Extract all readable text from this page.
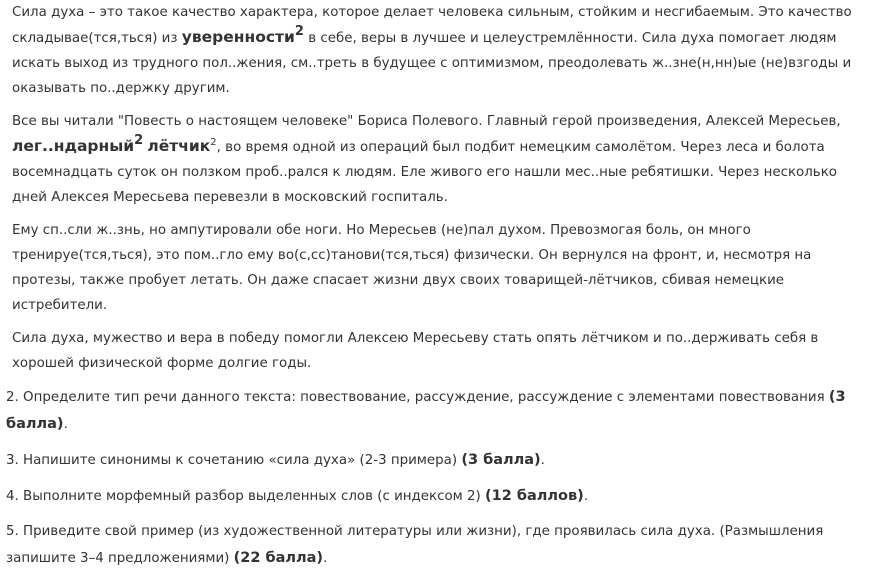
Сила духа – это такое качество характера, которое делает человека сильным, стойким и несгибаемым. Это качество складывае(тся,ться) из уверенности$^2$ в себе, веры в лучшее и целеустремлённости. Сила духа помогает людям искать выход из трудного пол..жения, см..треть в будущее с оптимизмом, преодолевать ж..зне(н,нн)ые (не)взгоды и оказывать по..держку другим.

Все вы читали "Повесть о настоящем человеке" Бориса Полевого. Главный герой произведения, Алексей Мересьев, лег..ндарный$^2$ лётчик$^2$, во время одной из операций был подбит немецким самолётом. Через леса и болота восемнадцать суток он ползком проб..рался к людям. Еле живого его нашли мес..ные ребятишки. Через несколько дней Алексея Мересьева перевезли в московский госпиталь.

Ему сп..сли ж..знь, но ампутировали обе ноги. Но Мересьев (не)пал духом. Превозмогая боль, он много тренируе(тся,ться), это пом..гло ему во(с,сс)танови(тся,ться) физически. Он вернулся на фронт, и, несмотря на протезы, также пробует летать. Он даже спасает жизни двух своих товарищей-лётчиков, сбивая немецкие истребители.

Сила духа, мужество и вера в победу помогли Алексею Мересьеву стать опять лётчиком и по..держивать себя в хорошей физической форме долгие годы.

2. Определите тип речи данного текста: повествование, рассуждение, рассуждение с элементами повествования (3 балла).

3. Напишите синонимы к сочетанию «сила духа» (2-3 примера) (3 балла).

4. Выполните морфемный разбор выделенных слов (с индексом 2) (12 баллов).

5. Приведите свой пример (из художественной литературы или жизни), где проявилась сила духа. (Размышления запишите 3–4 предложениями) (22 балла).
